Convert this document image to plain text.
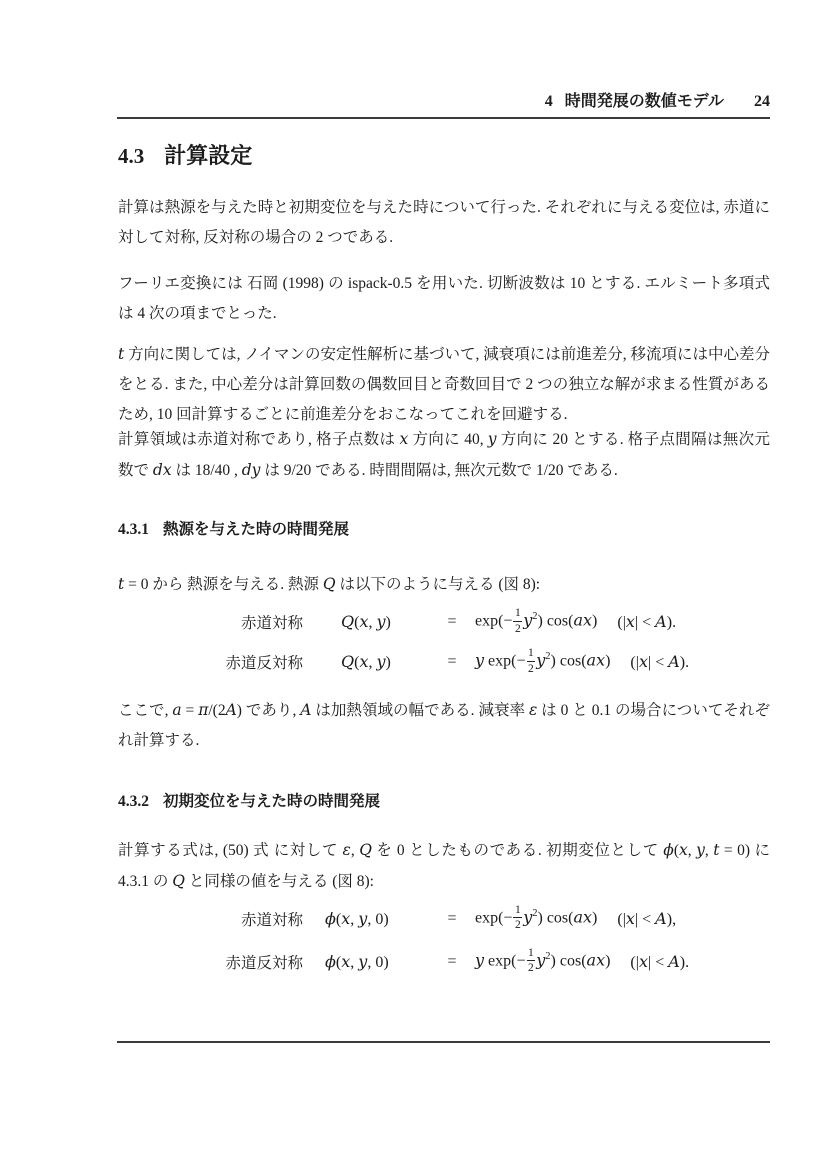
4 時間発展の数値モデル 24
4.3 計算設定

計算は熱源を与えた時と初期変位を与えた時について行った. それぞれに与える変位は, 赤道に対して対称, 反対称の場合の 2 つである.

フーリエ変換には 石岡 (1998) の ispack-0.5 を用いた. 切断波数は 10 とする. エルミート多項式は 4 次の項までとった.

t 方向に関しては, ノイマンの安定性解析に基づいて, 減衰項には前進差分, 移流項には中心差分をとる. また, 中心差分は計算回数の偶数回目と奇数回目で 2 つの独立な解が求まる性質があるため, 10 回計算するごとに前進差分をおこなってこれを回避する.

計算領域は赤道対称であり, 格子点数は x 方向に 40, y 方向に 20 とする. 格子点間隔は無次元数で dx は 18/40 , dy は 9/20 である. 時間間隔は, 無次元数で 1/20 である.

4.3.1 熱源を与えた時の時間発展

t = 0 から 熱源を与える. 熱源 Q は以下のように与える (図 8):

赤道対称 Q(x, y)	=	$\exp(- \frac{1}{2} y^2)$ cos(ax) (|x| < A).
赤道反対称 Q(x, y)	=	y $\exp(- \frac{1}{2} y^2)$ cos(ax) (|x| < A).

ここで, a = π/(2A) であり, A は加熱領域の幅である. 減衰率 ε は 0 と 0.1 の場合についてそれぞれ計算する.

4.3.2 初期変位を与えた時の時間発展

計算する式は, (50) 式 に対して ε, Q を 0 としたものである. 初期変位として ϕ(x, y, t = 0) に 4.3.1 の Q と同様の値を与える (図 8):

赤道対称 ϕ(x, y, 0)	=	$\exp(- \frac{1}{2} y^2)$ cos(ax) (|x| < A),
赤道反対称 ϕ(x, y, 0)	=	y $\exp(- \frac{1}{2} y^2)$ cos(ax) (|x| < A).
